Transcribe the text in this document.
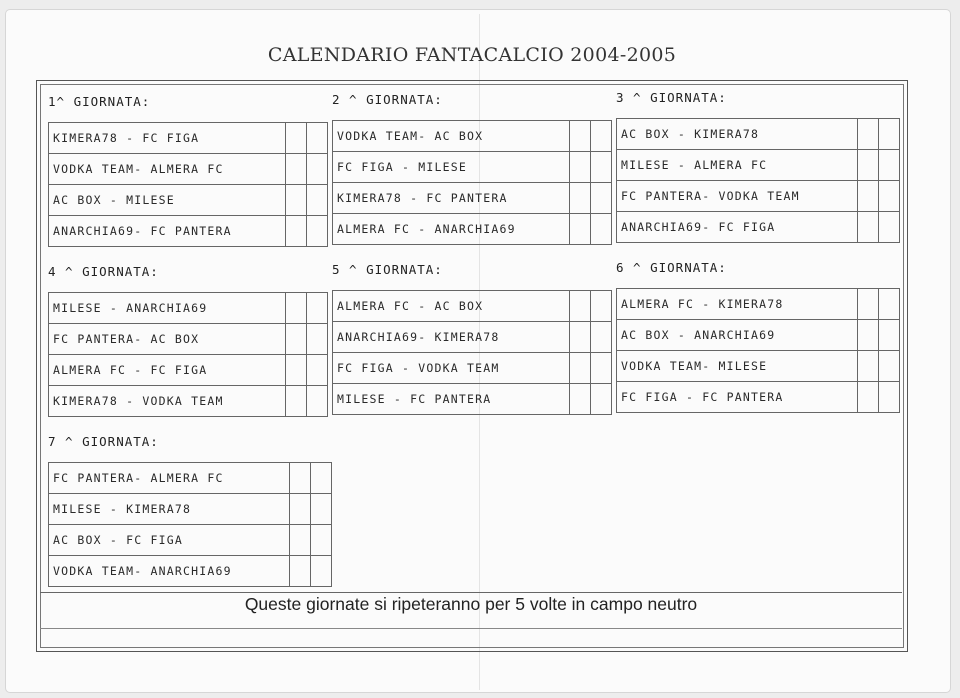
CALENDARIO FANTACALCIO 2004-2005
1^ GIORNATA:
KIMERA78 - FC FIGA		
VODKA TEAM- ALMERA FC		
AC BOX - MILESE		
ANARCHIA69- FC PANTERA		
2 ^ GIORNATA:
VODKA TEAM- AC BOX		
FC FIGA - MILESE		
KIMERA78 - FC PANTERA		
ALMERA FC - ANARCHIA69		
3 ^ GIORNATA:
AC BOX - KIMERA78		
MILESE - ALMERA FC		
FC PANTERA- VODKA TEAM		
ANARCHIA69- FC FIGA		
4 ^ GIORNATA:
MILESE - ANARCHIA69		
FC PANTERA- AC BOX		
ALMERA FC - FC FIGA		
KIMERA78 - VODKA TEAM		
5 ^ GIORNATA:
ALMERA FC - AC BOX		
ANARCHIA69- KIMERA78		
FC FIGA - VODKA TEAM		
MILESE - FC PANTERA		
6 ^ GIORNATA:
ALMERA FC - KIMERA78		
AC BOX - ANARCHIA69		
VODKA TEAM- MILESE		
FC FIGA - FC PANTERA		
7 ^ GIORNATA:
FC PANTERA- ALMERA FC		
MILESE - KIMERA78		
AC BOX - FC FIGA		
VODKA TEAM- ANARCHIA69		
Queste giornate si ripeteranno per 5 volte in campo neutro
